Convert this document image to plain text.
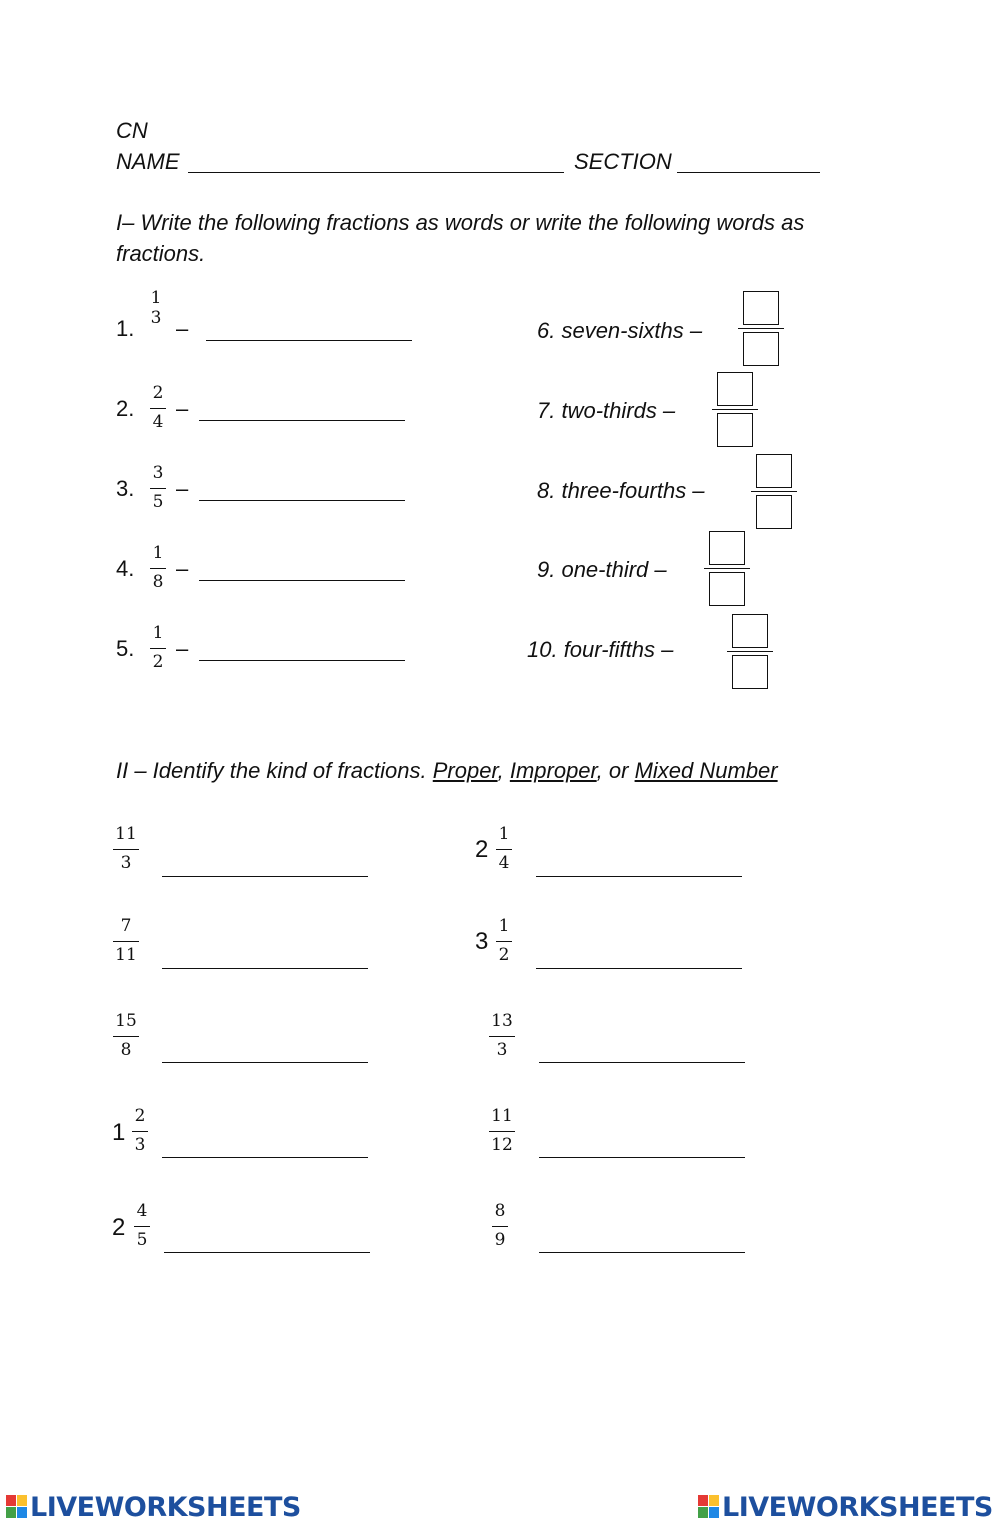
CN
NAME	SECTION
I– Write the following fractions as words or write the following words as
fractions.
1.
1
3 –
2.
2
4
–
3.
3
5
–
4.
1
8
–
5.
1
2
–
6. seven-sixths –
7. two-thirds –
8. three-fourths –
9. one-third –
10. four-fifths –
II – Identify the kind of fractions. Proper, Improper, or Mixed Number
11
3
7
11
15
8
1
2
3
2
4
5
2
1
4
3
1
2
13
3
11
12
8
9
LIVEWORKSHEETS	LIVEWORKSHEETS
